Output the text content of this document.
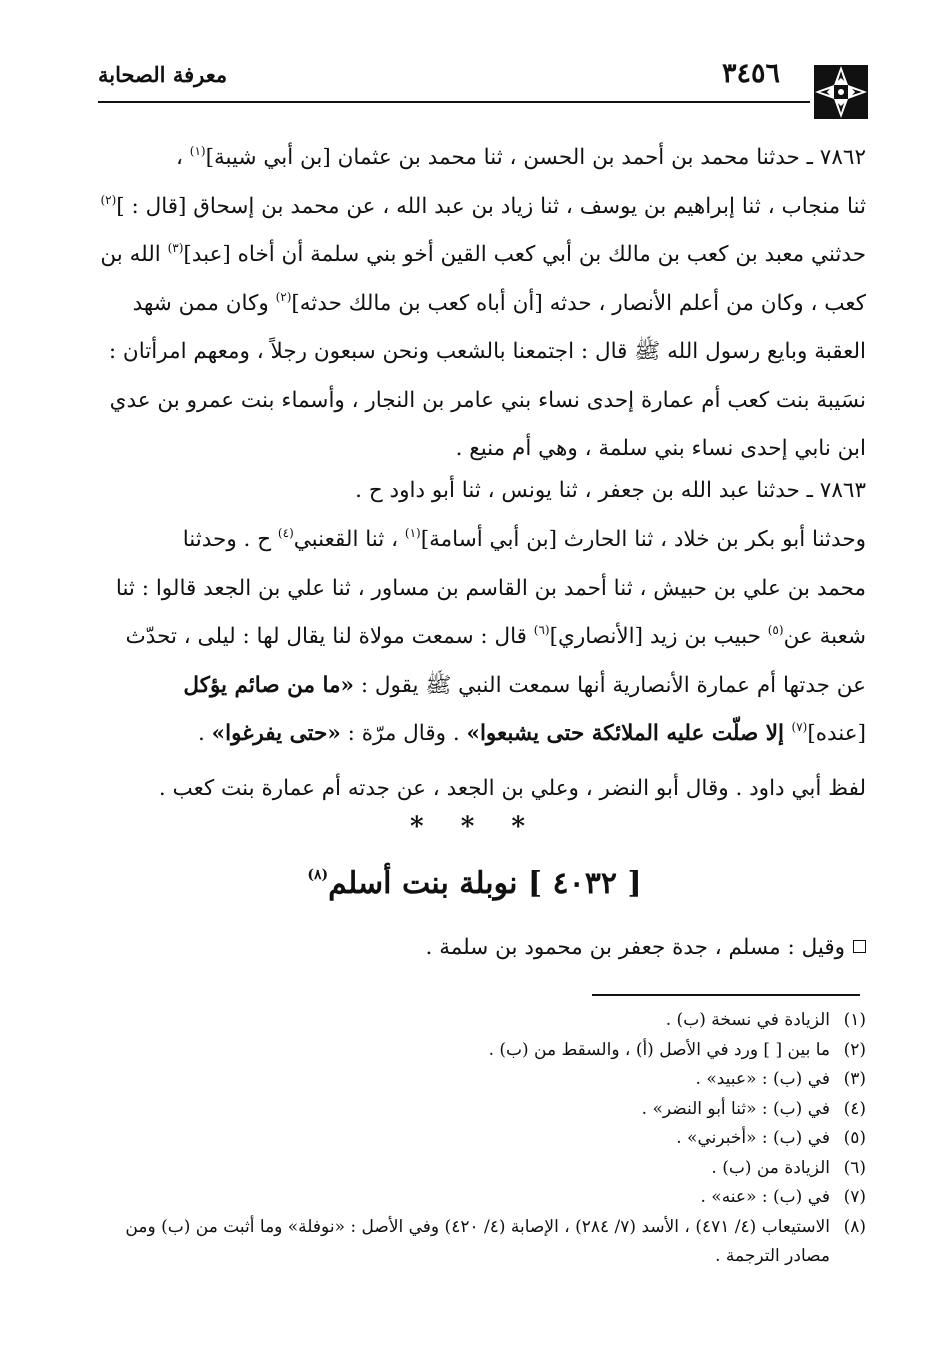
٣٤٥٦
معرفة الصحابة
٧٨٦٢ ـ حدثنا محمد بن أحمد بن الحسن ، ثنا محمد بن عثمان [بن أبي شيبة]$^{(١)}$ ،
ثنا منجاب ، ثنا إبراهيم بن يوسف ، ثنا زياد بن عبد الله ، عن محمد بن إسحاق [قال : ]$^{(٢)}$
حدثني معبد بن كعب بن مالك بن أبي كعب القين أخو بني سلمة أن أخاه [عبد]$^{(٣)}$ الله بن
كعب ، وكان من أعلم الأنصار ، حدثه [أن أباه كعب بن مالك حدثه]$^{(٢)}$ وكان ممن شهد
العقبة وبايع رسول الله ﷺ قال : اجتمعنا بالشعب ونحن سبعون رجلاً ، ومعهم امرأتان :
نسَيبة بنت كعب أم عمارة إحدى نساء بني عامر بن النجار ، وأسماء بنت عمرو بن عدي
ابن نابي إحدى نساء بني سلمة ، وهي أم منيع .
٧٨٦٣ ـ حدثنا عبد الله بن جعفر ، ثنا يونس ، ثنا أبو داود ح .
وحدثنا أبو بكر بن خلاد ، ثنا الحارث [بن أبي أسامة]$^{(١)}$ ، ثنا القعنبي$^{(٤)}$ ح . وحدثنا
محمد بن علي بن حبيش ، ثنا أحمد بن القاسم بن مساور ، ثنا علي بن الجعد قالوا : ثنا
شعبة عن$^{(٥)}$ حبيب بن زيد [الأنصاري]$^{(٦)}$ قال : سمعت مولاة لنا يقال لها : ليلى ، تحدّث
عن جدتها أم عمارة الأنصارية أنها سمعت النبي ﷺ يقول : «ما من صائم يؤكل
[عنده]$^{(٧)}$ إلا صلّت عليه الملائكة حتى يشبعوا» . وقال مرّة : «حتى يفرغوا» .
لفظ أبي داود . وقال أبو النضر ، وعلي بن الجعد ، عن جدته أم عمارة بنت كعب .
* * *
[ ٤٠٣٢ ] نوبلة بنت أسلم$^{(٨)}$
وقيل : مسلم ، جدة جعفر بن محمود بن سلمة .
(١)
الزيادة في نسخة (ب) .
(٢)
ما بين [ ] ورد في الأصل (أ) ، والسقط من (ب) .
(٣)
في (ب) : «عبيد» .
(٤)
في (ب) : «ثنا أبو النضر» .
(٥)
في (ب) : «أخبرني» .
(٦)
الزيادة من (ب) .
(٧)
في (ب) : «عنه» .
(٨)
الاستيعاب (٤/ ٤٧١) ، الأسد (٧/ ٢٨٤) ، الإصابة (٤/ ٤٢٠) وفي الأصل : «نوفلة» وما أثبت من (ب) ومن مصادر الترجمة .
